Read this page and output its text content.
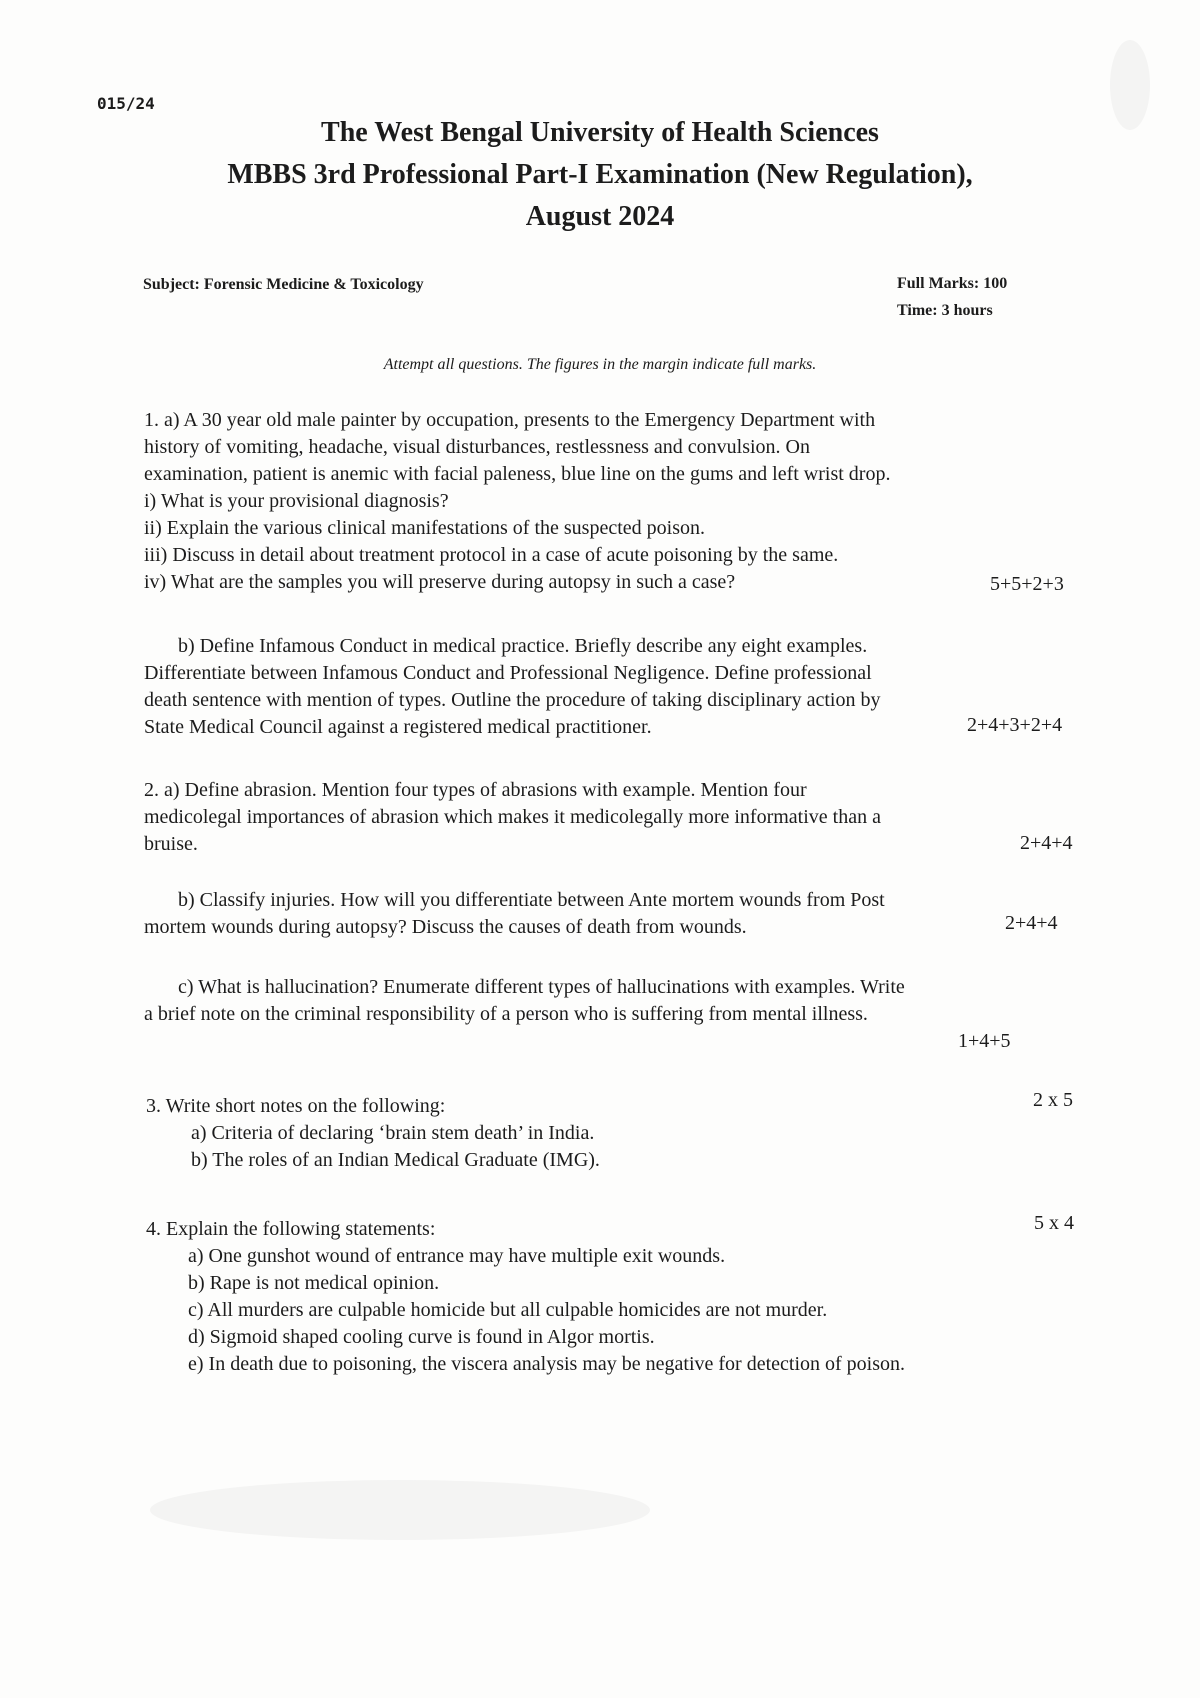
015/24
The West Bengal University of Health Sciences
MBBS 3rd Professional Part-I Examination (New Regulation),
August 2024
Subject: Forensic Medicine & Toxicology	Full Marks: 100
Time: 3 hours
Attempt all questions. The figures in the margin indicate full marks.
1. a) A 30 year old male painter by occupation, presents to the Emergency Department with
history of vomiting, headache, visual disturbances, restlessness and convulsion. On
examination, patient is anemic with facial paleness, blue line on the gums and left wrist drop.
i) What is your provisional diagnosis?
ii) Explain the various clinical manifestations of the suspected poison.
iii) Discuss in detail about treatment protocol in a case of acute poisoning by the same.
iv) What are the samples you will preserve during autopsy in such a case?	5+5+2+3
b) Define Infamous Conduct in medical practice. Briefly describe any eight examples.
Differentiate between Infamous Conduct and Professional Negligence. Define professional
death sentence with mention of types. Outline the procedure of taking disciplinary action by
State Medical Council against a registered medical practitioner.	2+4+3+2+4
2. a) Define abrasion. Mention four types of abrasions with example. Mention four
medicolegal importances of abrasion which makes it medicolegally more informative than a
bruise.	2+4+4
b) Classify injuries. How will you differentiate between Ante mortem wounds from Post
mortem wounds during autopsy? Discuss the causes of death from wounds.	2+4+4
c) What is hallucination? Enumerate different types of hallucinations with examples. Write
a brief note on the criminal responsibility of a person who is suffering from mental illness.
1+4+5
3. Write short notes on the following:	2 x 5
a) Criteria of declaring ‘brain stem death’ in India.
b) The roles of an Indian Medical Graduate (IMG).
4. Explain the following statements:	5 x 4
a) One gunshot wound of entrance may have multiple exit wounds.
b) Rape is not medical opinion.
c) All murders are culpable homicide but all culpable homicides are not murder.
d) Sigmoid shaped cooling curve is found in Algor mortis.
e) In death due to poisoning, the viscera analysis may be negative for detection of poison.
